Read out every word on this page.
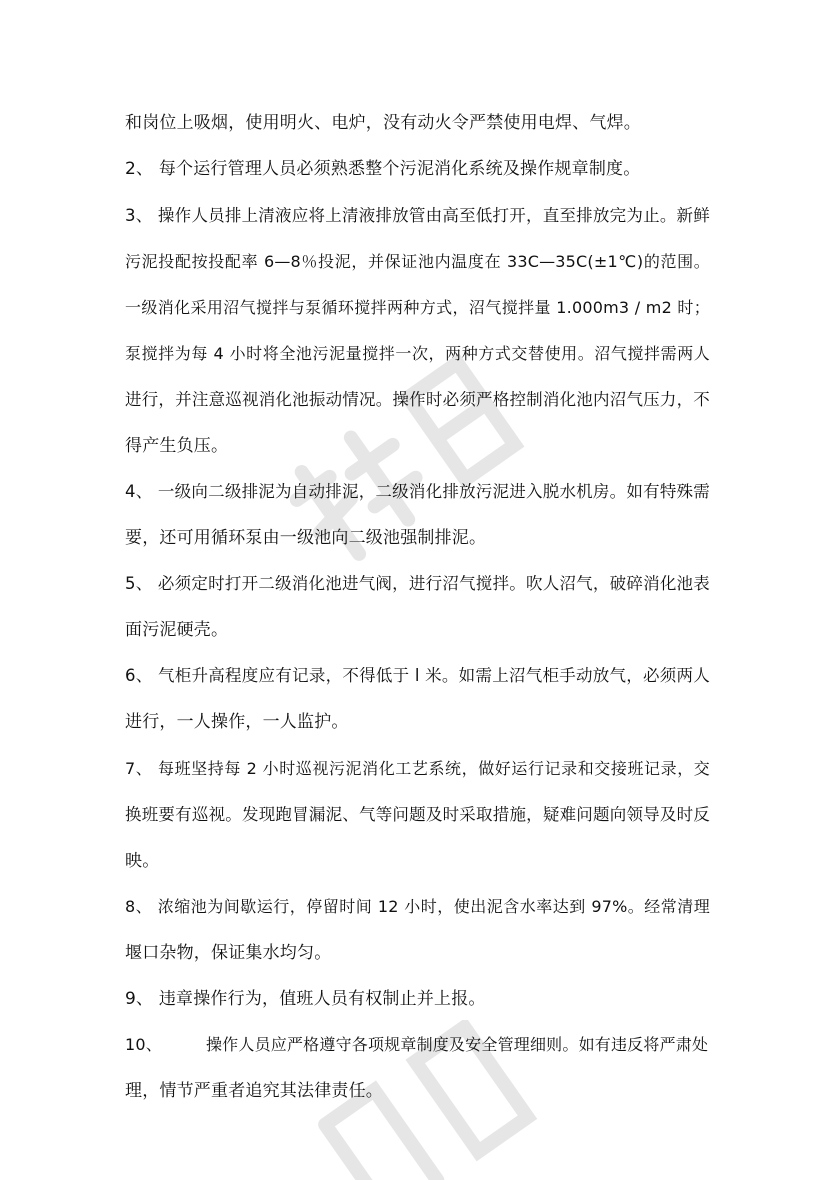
和岗位上吸烟，使用明火、电炉，没有动火令严禁使用电焊、气焊。
2、 每个运行管理人员必须熟悉整个污泥消化系统及操作规章制度。
3、 操作人员排上清液应将上清液排放管由高至低打开，直至排放完为止。新鲜
污泥投配按投配率 6—8％投泥，并保证池内温度在 33C—35C(±1℃)的范围。
一级消化采用沼气搅拌与泵循环搅拌两种方式，沼气搅拌量 1.000m3 / m2 时；
泵搅拌为每 4 小时将全池污泥量搅拌一次，两种方式交替使用。沼气搅拌需两人
进行，并注意巡视消化池振动情况。操作时必须严格控制消化池内沼气压力，不
得产生负压。
4、 一级向二级排泥为自动排泥，二级消化排放污泥进入脱水机房。如有特殊需
要，还可用循环泵由一级池向二级池强制排泥。
5、 必须定时打开二级消化池进气阀，进行沼气搅拌。吹人沼气，破碎消化池表
面污泥硬壳。
6、 气柜升高程度应有记录，不得低于 l 米。如需上沼气柜手动放气，必须两人
进行，一人操作，一人监护。
7、 每班坚持每 2 小时巡视污泥消化工艺系统，做好运行记录和交接班记录，交
换班要有巡视。发现跑冒漏泥、气等问题及时采取措施，疑难问题向领导及时反
映。
8、 浓缩池为间歇运行，停留时间 12 小时，使出泥含水率达到 97%。经常清理
堰口杂物，保证集水均匀。
9、 违章操作行为，值班人员有权制止并上报。
10、	操作人员应严格遵守各项规章制度及安全管理细则。如有违反将严肃处
理，情节严重者追究其法律责任。
